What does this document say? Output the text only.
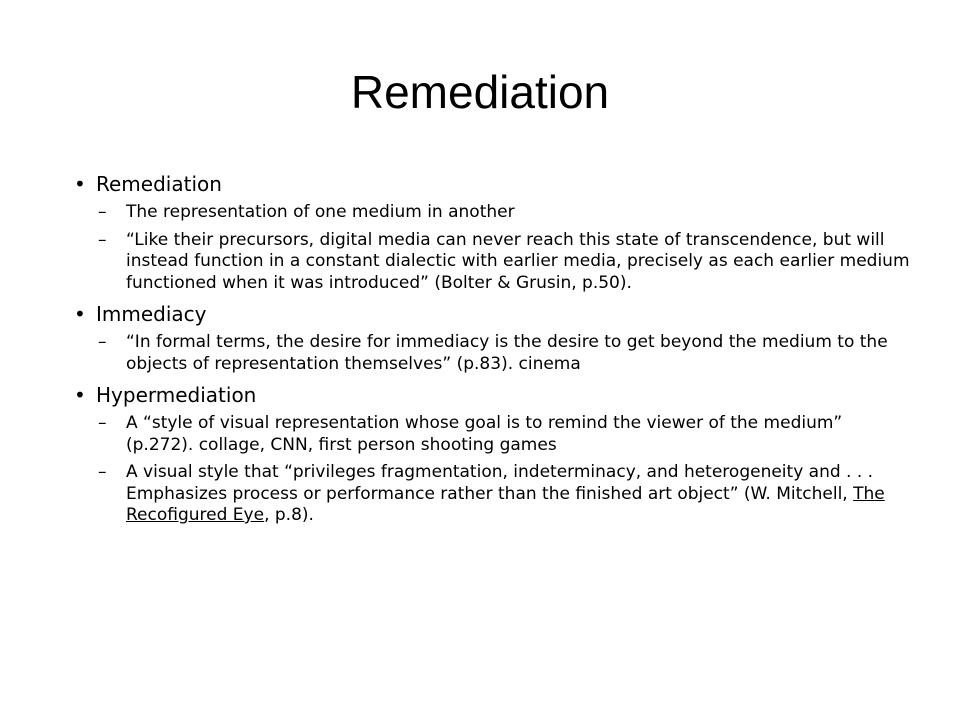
Remediation
• Remediation
– The representation of one medium in another
– “Like their precursors, digital media can never reach this state of transcendence, but will instead function in a constant dialectic with earlier media, precisely as each earlier medium functioned when it was introduced” (Bolter & Grusin, p.50).
• Immediacy
– “In formal terms, the desire for immediacy is the desire to get beyond the medium to the objects of representation themselves” (p.83). cinema
• Hypermediation
– A “style of visual representation whose goal is to remind the viewer of the medium” (p.272). collage, CNN, first person shooting games
– A visual style that “privileges fragmentation, indeterminacy, and heterogeneity and . . . Emphasizes process or performance rather than the finished art object” (W. Mitchell, The Recofigured Eye, p.8).
